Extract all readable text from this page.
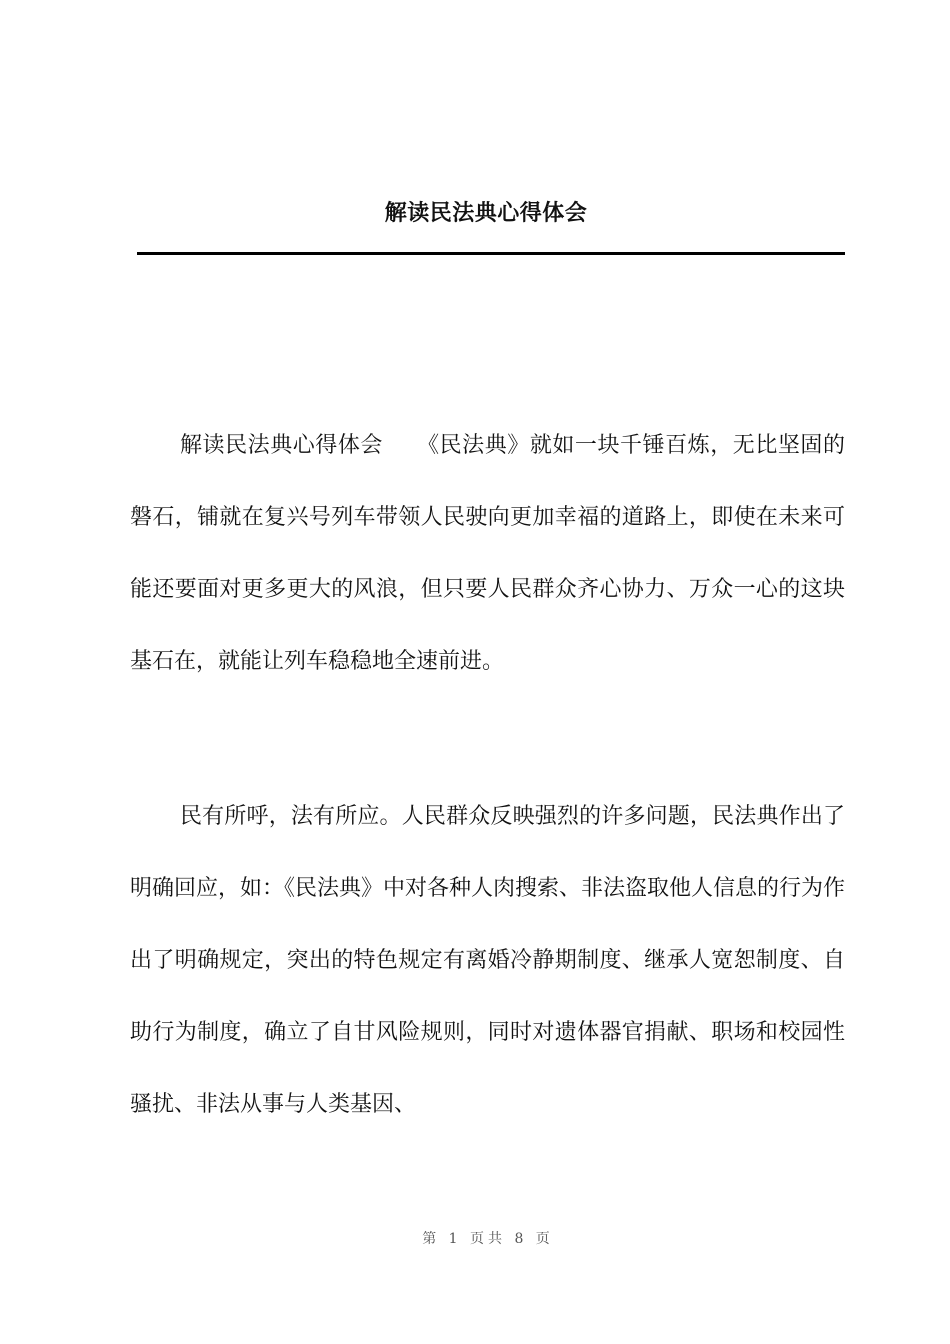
解读民法典心得体会

解读民法典心得体会　　《民法典》就如一块千锤百炼，无比坚固的磐石，铺就在复兴号列车带领人民驶向更加幸福的道路上，即使在未来可能还要面对更多更大的风浪，但只要人民群众齐心协力、万众一心的这块基石在，就能让列车稳稳地全速前进。

民有所呼，法有所应。人民群众反映强烈的许多问题，民法典作出了明确回应，如：《民法典》中对各种人肉搜索、非法盗取他人信息的行为作出了明确规定，突出的特色规定有离婚冷静期制度、继承人宽恕制度、自助行为制度，确立了自甘风险规则，同时对遗体器官捐献、职场和校园性骚扰、非法从事与人类基因、

第 1 页共 8 页
